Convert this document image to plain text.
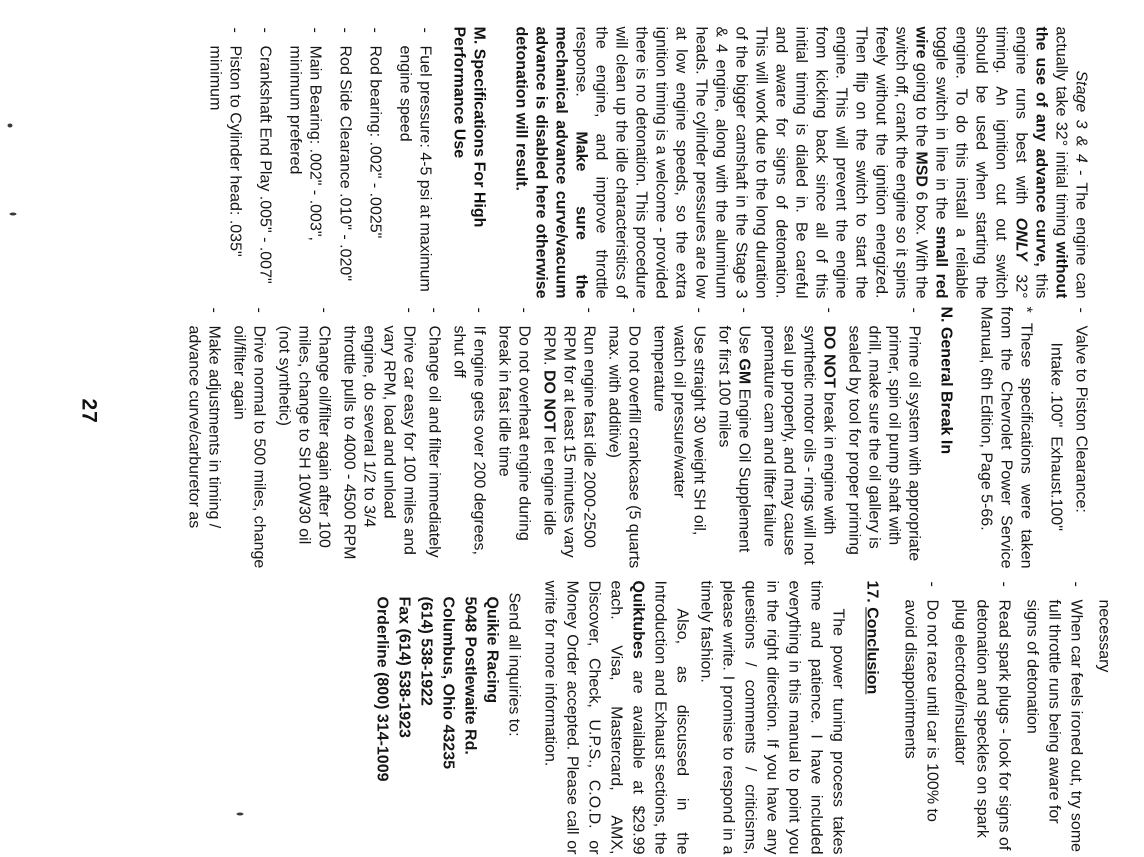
Stage 3 & 4 - The engine can actually take 32° initial timing without the use of any advance curve, this engine runs best with ONLY 32° timing. An ignition cut out switch should be used when starting the engine. To do this install a reliable toggle switch in line in the small red wire going to the MSD 6 box. With the switch off, crank the engine so it spins freely without the ignition energized. Then flip on the switch to start the engine. This will prevent the engine from kicking back since all of this initial timing is dialed in. Be careful and aware for signs of detonation. This will work due to the long duration of the bigger camshaft in the Stage 3 & 4 engine, along with the aluminum heads. The cylinder pressures are low at low engine speeds, so the extra ignition timing is a welcome - provided there is no detonation. This procedure will clean up the idle characteristics of the engine, and improve throttle response. Make sure the mechanical advance curve/vacuum advance is disabled here otherwise detonation will result.

M. Specifications For High Performance Use
-
Fuel pressure: 4-5 psi at maximum engine speed
-
Rod bearing: .002" - .0025"
-
Rod Side Clearance .010" - .020"
-
Main Bearing: .002" - .003", minimum prefered
-
Crankshaft End Play .005" - .007"
-
Piston to Cylinder head: .035" minimum
-
Valve to Piston Clearance:
Intake .100"  Exhaust.100"

* These specifications were taken from the Chevrolet Power Service Manual, 6th Edition, Page 5-66.

N. General Break In
-
Prime oil system with appropriate primer, spin oil pump shaft with drill, make sure the oil gallery is sealed by tool for proper priming
-
DO NOT break in engine with synthetic motor oils - rings will not seal up properly, and may cause premature cam and lifter failure
-
Use GM Engine Oil Supplement for first 100 miles
-
Use straight 30 weight SH oil, watch oil pressure/water temperature
-
Do not overfill crankcase (5 quarts max. with additive)
-
Run engine fast idle 2000-2500 RPM for at least 15 minutes vary RPM. DO NOT let engine idle
-
Do not overheat engine during break in fast idle time
-
If engine gets over 200 degrees, shut off
-
Change oil and filter immediately
-
Drive car easy for 100 miles and vary RPM, load and unload engine, do several 1/2 to 3/4 throttle pulls to 4000 - 4500 RPM
-
Change oil/filter again after 100 miles, change to SH 10W30 oil (not synthetic)
-
Drive normal to 500 miles, change oil/filter again
-
Make adjustments in timing / advance curve/carburetor as
necessary
-
When car feels ironed out, try some full throttle runs being aware for signs of detonation
-
Read spark plugs - look for signs of detonation and speckles on spark plug electrode/insulator
-
Do not race until car is 100% to avoid disappointments
17. Conclusion

The power tuning process takes time and patience. I have included everything in this manual to point you in the right direction. If you have any questions / comments / criticisms, please write. I promise to respond in a timely fashion.

Also, as discussed in the Introduction and Exhaust sections, the Quiktubes are available at $29.99 each. Visa, Mastercard, AMX, Discover, Check, U.P.S., C.O.D. or Money Order accepted. Please call or write for more information.

Send all inquiries to:

Quikie Racing
5048 Postlewaite Rd.
Columbus, Ohio 43235
(614) 538-1922
Fax (614) 538-1923
Orderline (800) 314-1009
27
